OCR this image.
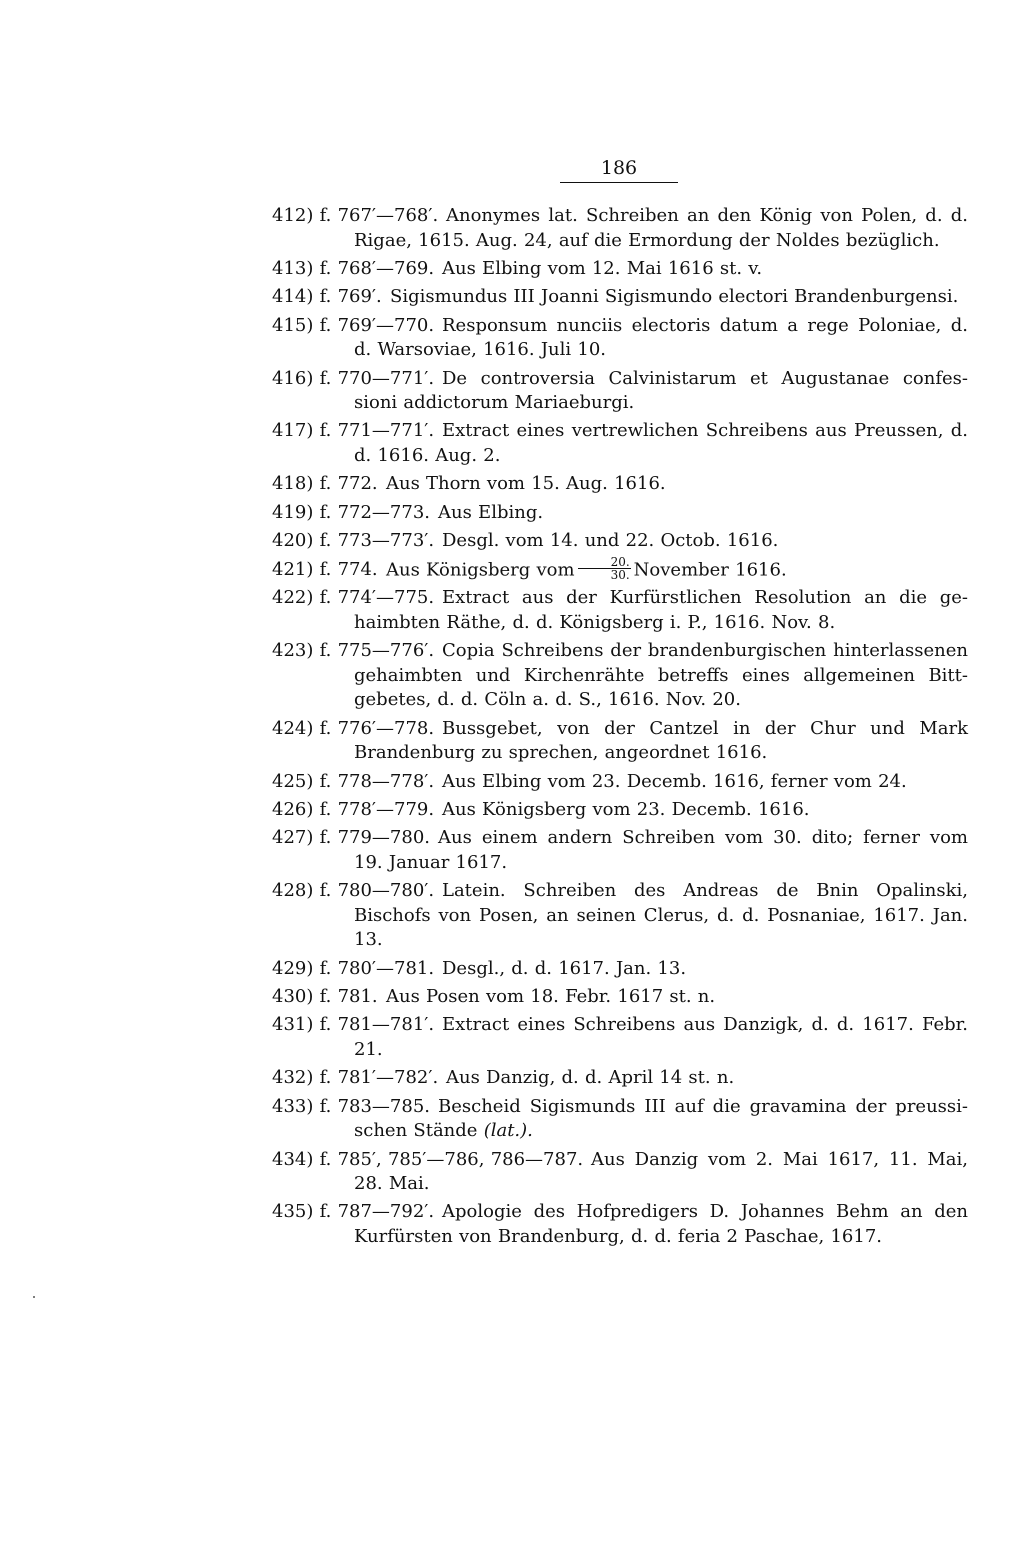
186
412) f. 767′—768′. Anonymes lat. Schreiben an den König von Polen, d. d. Rigae, 1615. Aug. 24, auf die Ermordung der Noldes bezüglich.
413) f. 768′—769. Aus Elbing vom 12. Mai 1616 st. v.
414) f. 769′. Sigismundus III Joanni Sigismundo electori Brandenburgensi.
415) f. 769′—770. Responsum nunciis electoris datum a rege Poloniae, d. d. Warsoviae, 1616. Juli 10.
416) f. 770—771′. De controversia Calvinistarum et Augustanae confessioni addictorum Mariaeburgi.
417) f. 771—771′. Extract eines vertrewlichen Schreibens aus Preussen, d. d. 1616. Aug. 2.
418) f. 772. Aus Thorn vom 15. Aug. 1616.
419) f. 772—773. Aus Elbing.
420) f. 773—773′. Desgl. vom 14. und 22. Octob. 1616.
421) f. 774. Aus Königsberg vom $\frac{20.}{30.}$ November 1616.
422) f. 774′—775. Extract aus der Kurfürstlichen Resolution an die gehaimbten Räthe, d. d. Königsberg i. P., 1616. Nov. 8.
423) f. 775—776′. Copia Schreibens der brandenburgischen hinterlassenen gehaimbten und Kirchenrähte betreffs eines allgemeinen Bittgebetes, d. d. Cöln a. d. S., 1616. Nov. 20.
424) f. 776′—778. Bussgebet, von der Cantzel in der Chur und Mark Brandenburg zu sprechen, angeordnet 1616.
425) f. 778—778′. Aus Elbing vom 23. Decemb. 1616, ferner vom 24.
426) f. 778′—779. Aus Königsberg vom 23. Decemb. 1616.
427) f. 779—780. Aus einem andern Schreiben vom 30. dito; ferner vom 19. Januar 1617.
428) f. 780—780′. Latein. Schreiben des Andreas de Bnin Opalinski, Bischofs von Posen, an seinen Clerus, d. d. Posnaniae, 1617. Jan. 13.
429) f. 780′—781. Desgl., d. d. 1617. Jan. 13.
430) f. 781. Aus Posen vom 18. Febr. 1617 st. n.
431) f. 781—781′. Extract eines Schreibens aus Danzigk, d. d. 1617. Febr. 21.
432) f. 781′—782′. Aus Danzig, d. d. April 14 st. n.
433) f. 783—785. Bescheid Sigismunds III auf die gravamina der preussischen Stände (lat.).
434) f. 785′, 785′—786, 786—787. Aus Danzig vom 2. Mai 1617, 11. Mai, 28. Mai.
435) f. 787—792′. Apologie des Hofpredigers D. Johannes Behm an den Kurfürsten von Brandenburg, d. d. feria 2 Paschae, 1617.
